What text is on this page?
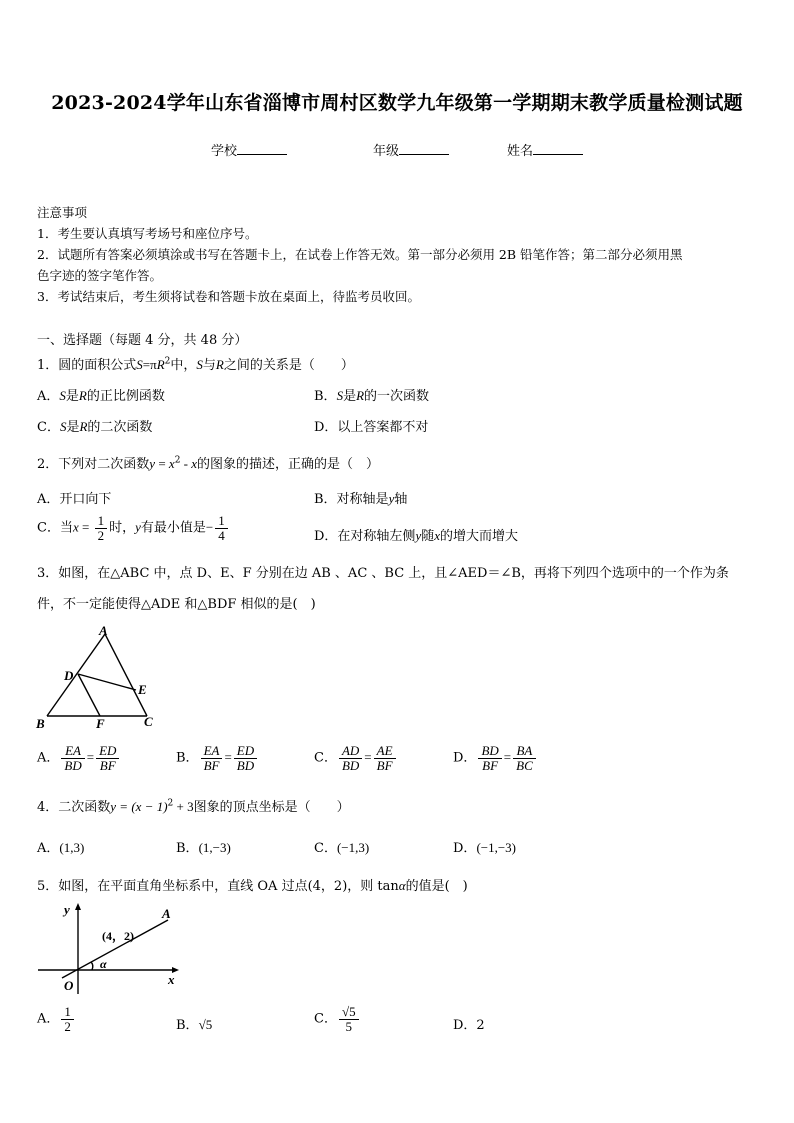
2023-2024学年山东省淄博市周村区数学九年级第一学期期末教学质量检测试题
学校	年级	姓名
注意事项
1．考生要认真填写考场号和座位序号。
2．试题所有答案必须填涂或书写在答题卡上，在试卷上作答无效。第一部分必须用 2B 铅笔作答；第二部分必须用黑
色字迹的签字笔作答。
3．考试结束后，考生须将试卷和答题卡放在桌面上，待监考员收回。
一、选择题（每题 4 分，共 48 分）
1．圆的面积公式$S=\pi R^2$中，S与R之间的关系是（　　）
A．S是R的正比例函数	B．S是R的一次函数
C．S是R的二次函数	D．以上答案都不对
2．下列对二次函数$y = x^2 - x$的图象的描述，正确的是（　）
A．开口向下	B．对称轴是y轴
C．当$x = \frac{1}{2}$ 时，y有最小值是− $\frac{1}{4}$	D．在对称轴左侧y随x的增大而增大
3．如图，在△ABC 中，点 D、E、F 分别在边 AB 、AC 、BC 上，且∠AED＝∠B，再将下列四个选项中的一个作为条
件，不一定能使得△ADE 和△BDF 相似的是(　)
A
D
E
B	F	C
A． $\frac{EA}{BD} = \frac{ED}{BF}$	B． $\frac{EA}{BF} = \frac{ED}{BD}$	C． $\frac{AD}{BD} = \frac{AE}{BF}$	D． $\frac{BD}{BF} = \frac{BA}{BC}$
4．二次函数$y = (x - 1)^2 + 3$图象的顶点坐标是（　　）
A．(1,3)	B．(1,−3)	C．(−1,3)	D．(−1,−3)
5．如图，在平面直角坐标系中，直线 OA 过点(4，2)，则 tanα的值是(　)
y
x
O
A
(4，2)
α
A． $\frac{1}{2}$	B．√5	C． $\frac{√5}{5}$	D．2
